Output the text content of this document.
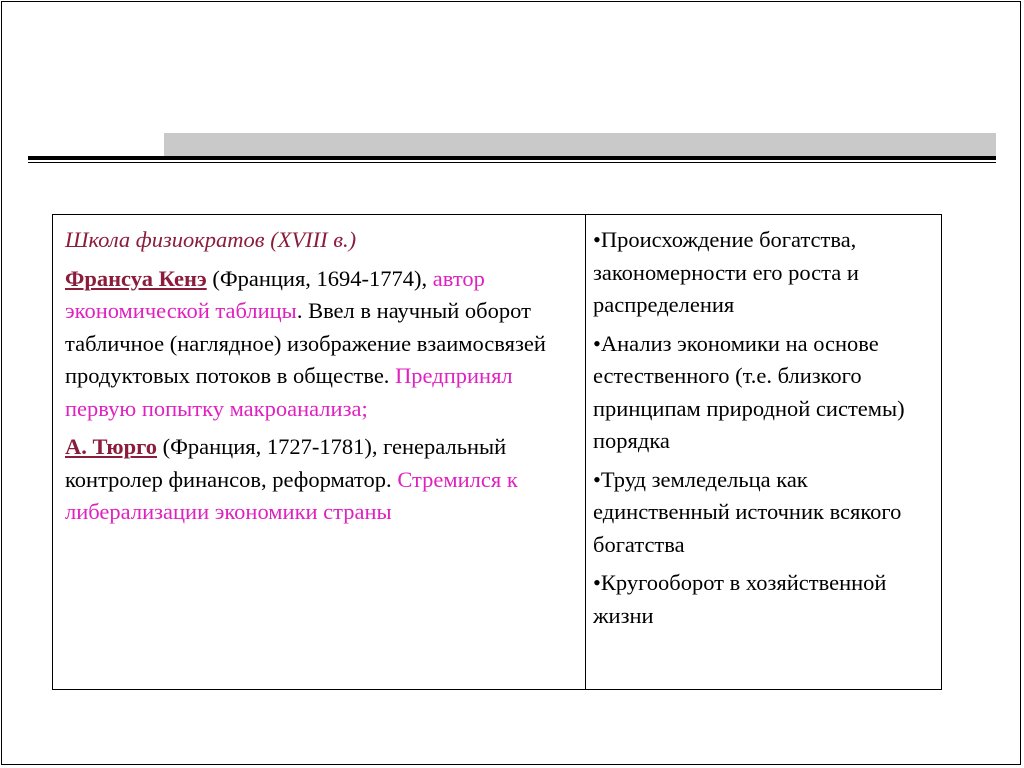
Школа физиократов (XVIII в.)

Франсуа Кенэ (Франция, 1694-1774), автор экономической таблицы. Ввел в научный оборот табличное (наглядное) изображение взаимосвязей продуктовых потоков в обществе. Предпринял первую попытку макроанализа;

А. Тюрго (Франция, 1727-1781), генеральный контролер финансов, реформатор. Стремился к либерализации экономики страны

•Происхождение богатства, закономерности его роста и распределения

•Анализ экономики на основе естественного (т.е. близкого принципам природной системы) порядка

•Труд земледельца как единственный источник всякого богатства

•Кругооборот в хозяйственной жизни
